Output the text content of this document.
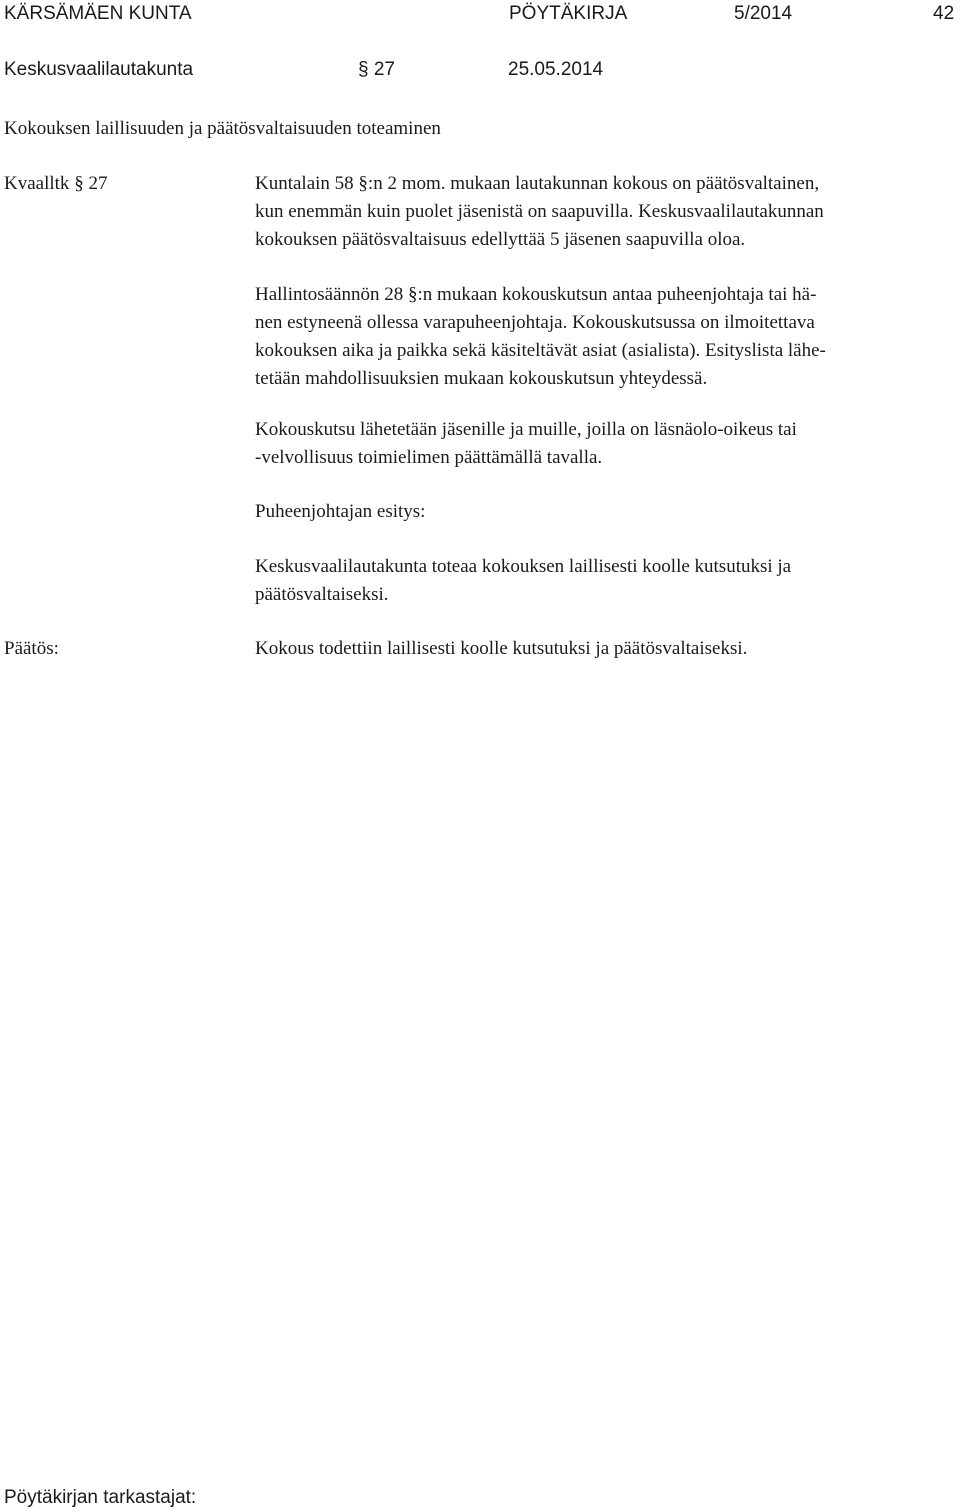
KÄRSÄMÄEN KUNTA	PÖYTÄKIRJA	5/2014	42
Keskusvaalilautakunta	§ 27	25.05.2014
Kokouksen laillisuuden ja päätösvaltaisuuden toteaminen
Kvaalltk § 27	Kuntalain 58 §:n 2 mom. mukaan lautakunnan kokous on päätösvaltainen,
kun enemmän kuin puolet jäsenistä on saapuvilla. Keskusvaalilautakunnan
kokouksen päätösvaltaisuus edellyttää 5 jäsenen saapuvilla oloa.
Hallintosäännön 28 §:n mukaan kokouskutsun antaa puheenjohtaja tai hä-
nen estyneenä ollessa varapuheenjohtaja. Kokouskutsussa on ilmoitettava
kokouksen aika ja paikka sekä käsiteltävät asiat (asialista). Esityslista lähe-
tetään mahdollisuuksien mukaan kokouskutsun yhteydessä.
Kokouskutsu lähetetään jäsenille ja muille, joilla on läsnäolo-oikeus tai
-velvollisuus toimielimen päättämällä tavalla.
Puheenjohtajan esitys:
Keskusvaalilautakunta toteaa kokouksen laillisesti koolle kutsutuksi ja
päätösvaltaiseksi.
Päätös:	Kokous todettiin laillisesti koolle kutsutuksi ja päätösvaltaiseksi.
Pöytäkirjan tarkastajat:
